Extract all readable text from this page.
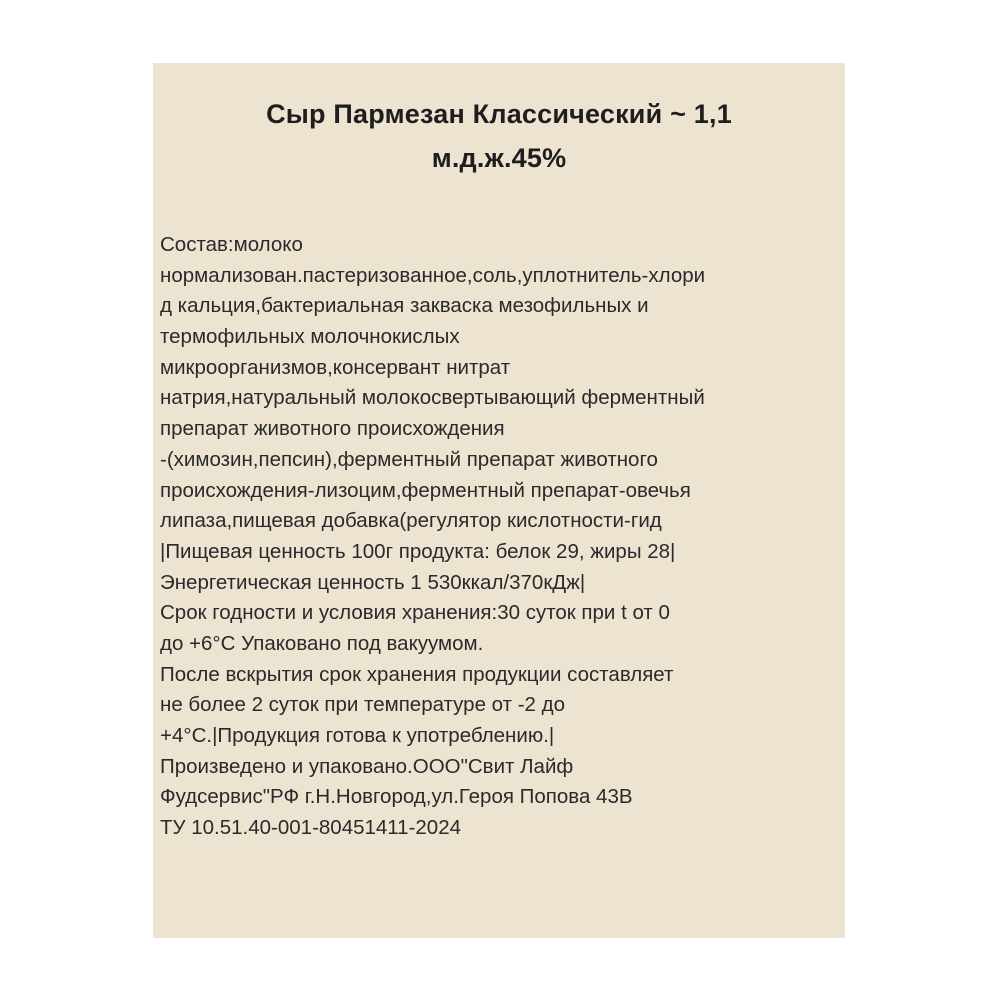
Сыр Пармезан Классический ~ 1,1
м.д.ж.45%
Состав:молоко
нормализован.пастеризованное,соль,уплотнитель-хлори
д кальция,бактериальная закваска мезофильных и
термофильных молочнокислых
микроорганизмов,консервант нитрат
натрия,натуральный молокосвертывающий ферментный
препарат животного происхождения
-(химозин,пепсин),ферментный препарат животного
происхождения-лизоцим,ферментный препарат-овечья
липаза,пищевая добавка(регулятор кислотности-гид
|Пищевая ценность 100г продукта: белок 29, жиры 28|
Энергетическая ценность 1 530ккал/370кДж|
Срок годности и условия хранения:30 суток при t от 0
до +6°С Упаковано под вакуумом.
После вскрытия срок хранения продукции составляет
не более 2 суток при температуре от -2 до
+4°С.|Продукция готова к употреблению.|
Произведено и упаковано.ООО"Свит Лайф
Фудсервис"РФ г.Н.Новгород,ул.Героя Попова 43В
ТУ 10.51.40-001-80451411-2024
